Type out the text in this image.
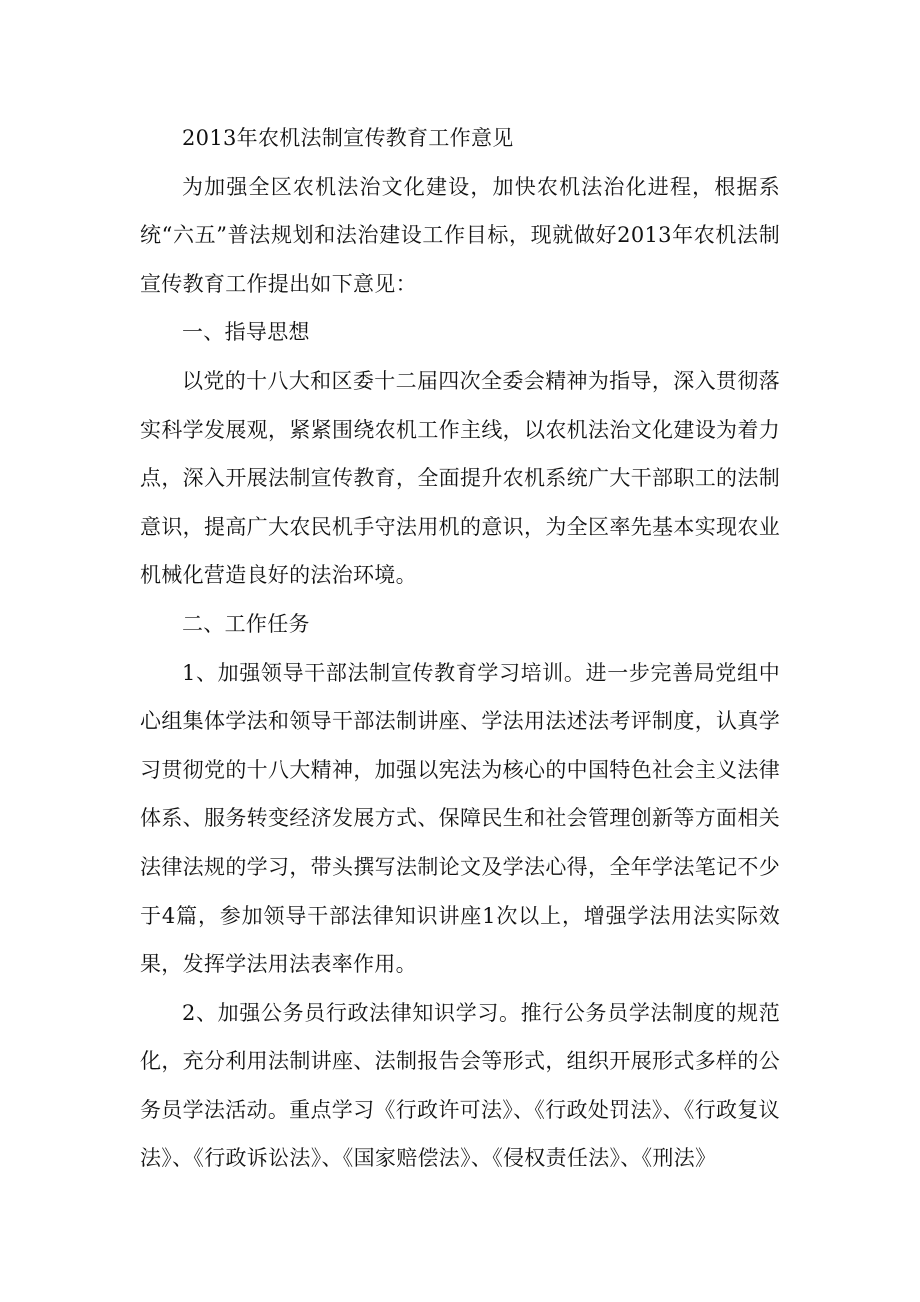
2013年农机法制宣传教育工作意见

为加强全区农机法治文化建设，加快农机法治化进程，根据系统“六五”普法规划和法治建设工作目标，现就做好2013年农机法制宣传教育工作提出如下意见：

一、指导思想

以党的十八大和区委十二届四次全委会精神为指导，深入贯彻落实科学发展观，紧紧围绕农机工作主线，以农机法治文化建设为着力点，深入开展法制宣传教育，全面提升农机系统广大干部职工的法制意识，提高广大农民机手守法用机的意识，为全区率先基本实现农业机械化营造良好的法治环境。

二、工作任务

1、加强领导干部法制宣传教育学习培训。进一步完善局党组中心组集体学法和领导干部法制讲座、学法用法述法考评制度，认真学习贯彻党的十八大精神，加强以宪法为核心的中国特色社会主义法律体系、服务转变经济发展方式、保障民生和社会管理创新等方面相关法律法规的学习，带头撰写法制论文及学法心得，全年学法笔记不少于4篇，参加领导干部法律知识讲座1次以上，增强学法用法实际效果，发挥学法用法表率作用。

2、加强公务员行政法律知识学习。推行公务员学法制度的规范化，充分利用法制讲座、法制报告会等形式，组织开展形式多样的公务员学法活动。重点学习《行政许可法》、《行政处罚法》、《行政复议法》、《行政诉讼法》、《国家赔偿法》、《侵权责任法》、《刑法》
